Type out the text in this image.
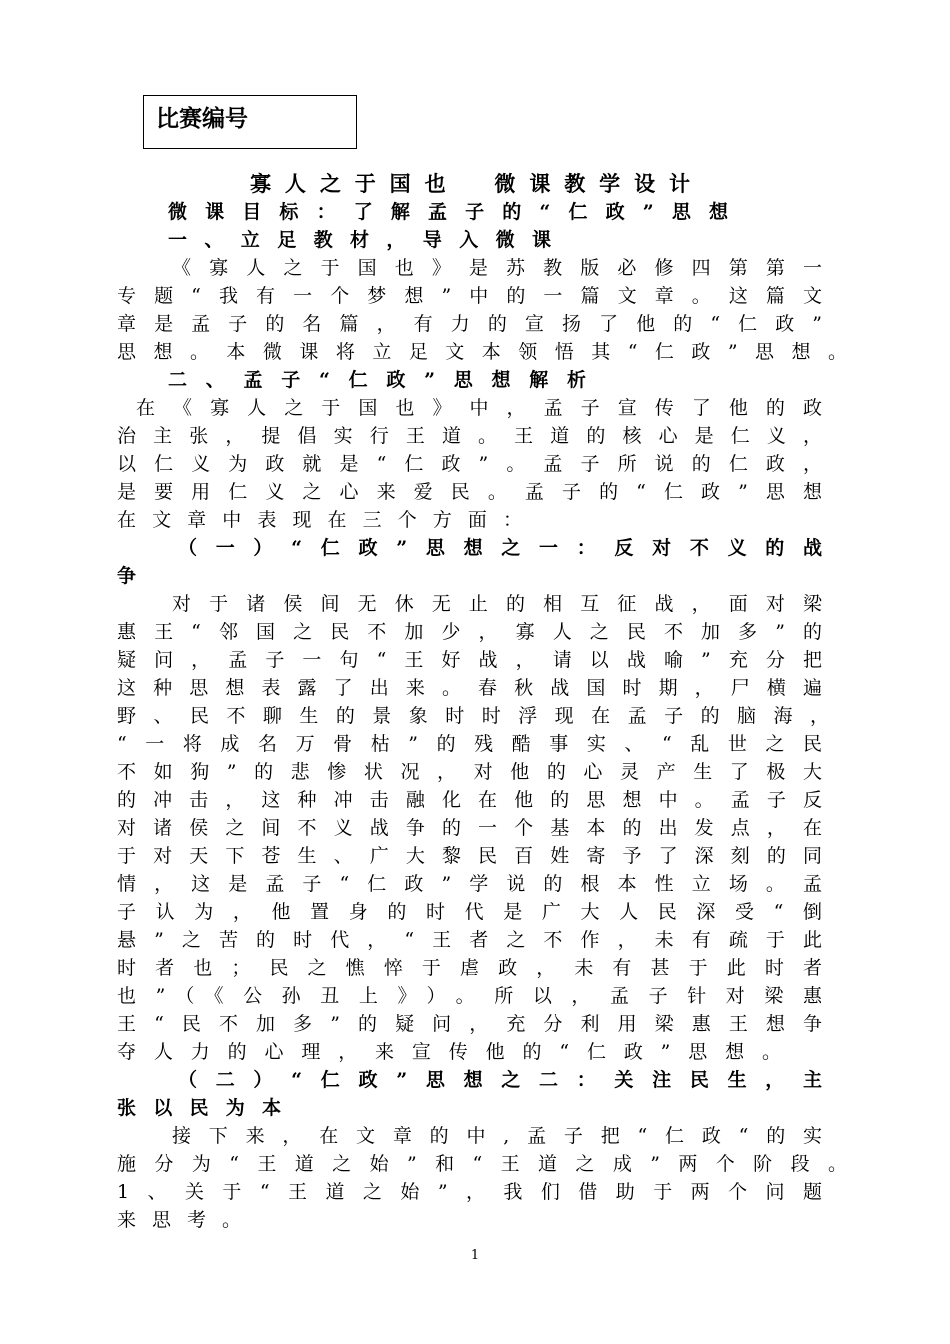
比赛编号
寡人之于国也　微课教学设计
微课目标：了解孟子的“仁政”思想
一、立足教材，导入微课
《寡人之于国也》是苏教版必修四第第一
专题“我有一个梦想”中的一篇文章。这篇文
章是孟子的名篇，有力的宣扬了他的“仁政”
思想。本微课将立足文本领悟其“仁政”思想。
二、孟子“仁政”思想解析
在《寡人之于国也》中，孟子宣传了他的政
治主张，提倡实行王道。王道的核心是仁义，
以仁义为政就是“仁政”。孟子所说的仁政，
是要用仁义之心来爱民。孟子的“仁政”思想
在文章中表现在三个方面：
（一）“仁政”思想之一：反对不义的战
争
对于诸侯间无休无止的相互征战，面对梁
惠王“邻国之民不加少，寡人之民不加多”的
疑问，孟子一句“王好战，请以战喻”充分把
这种思想表露了出来。春秋战国时期，尸横遍
野、民不聊生的景象时时浮现在孟子的脑海，
“一将成名万骨枯”的残酷事实、“乱世之民
不如狗”的悲惨状况，对他的心灵产生了极大
的冲击，这种冲击融化在他的思想中。孟子反
对诸侯之间不义战争的一个基本的出发点，在
于对天下苍生、广大黎民百姓寄予了深刻的同
情，这是孟子“仁政”学说的根本性立场。孟
子认为，他置身的时代是广大人民深受“倒
悬”之苦的时代，“王者之不作，未有疏于此
时者也；民之憔悴于虐政，未有甚于此时者
也”（《公孙丑上》）。所以，孟子针对梁惠
王“民不加多”的疑问，充分利用梁惠王想争
夺人力的心理，来宣传他的“仁政”思想。
（二）“仁政”思想之二：关注民生，主
张以民为本
接下来，在文章的中,孟子把“仁政“的实
施分为“王道之始”和“王道之成”两个阶段。
1、关于“王道之始”，我们借助于两个问题
来思考。
1
